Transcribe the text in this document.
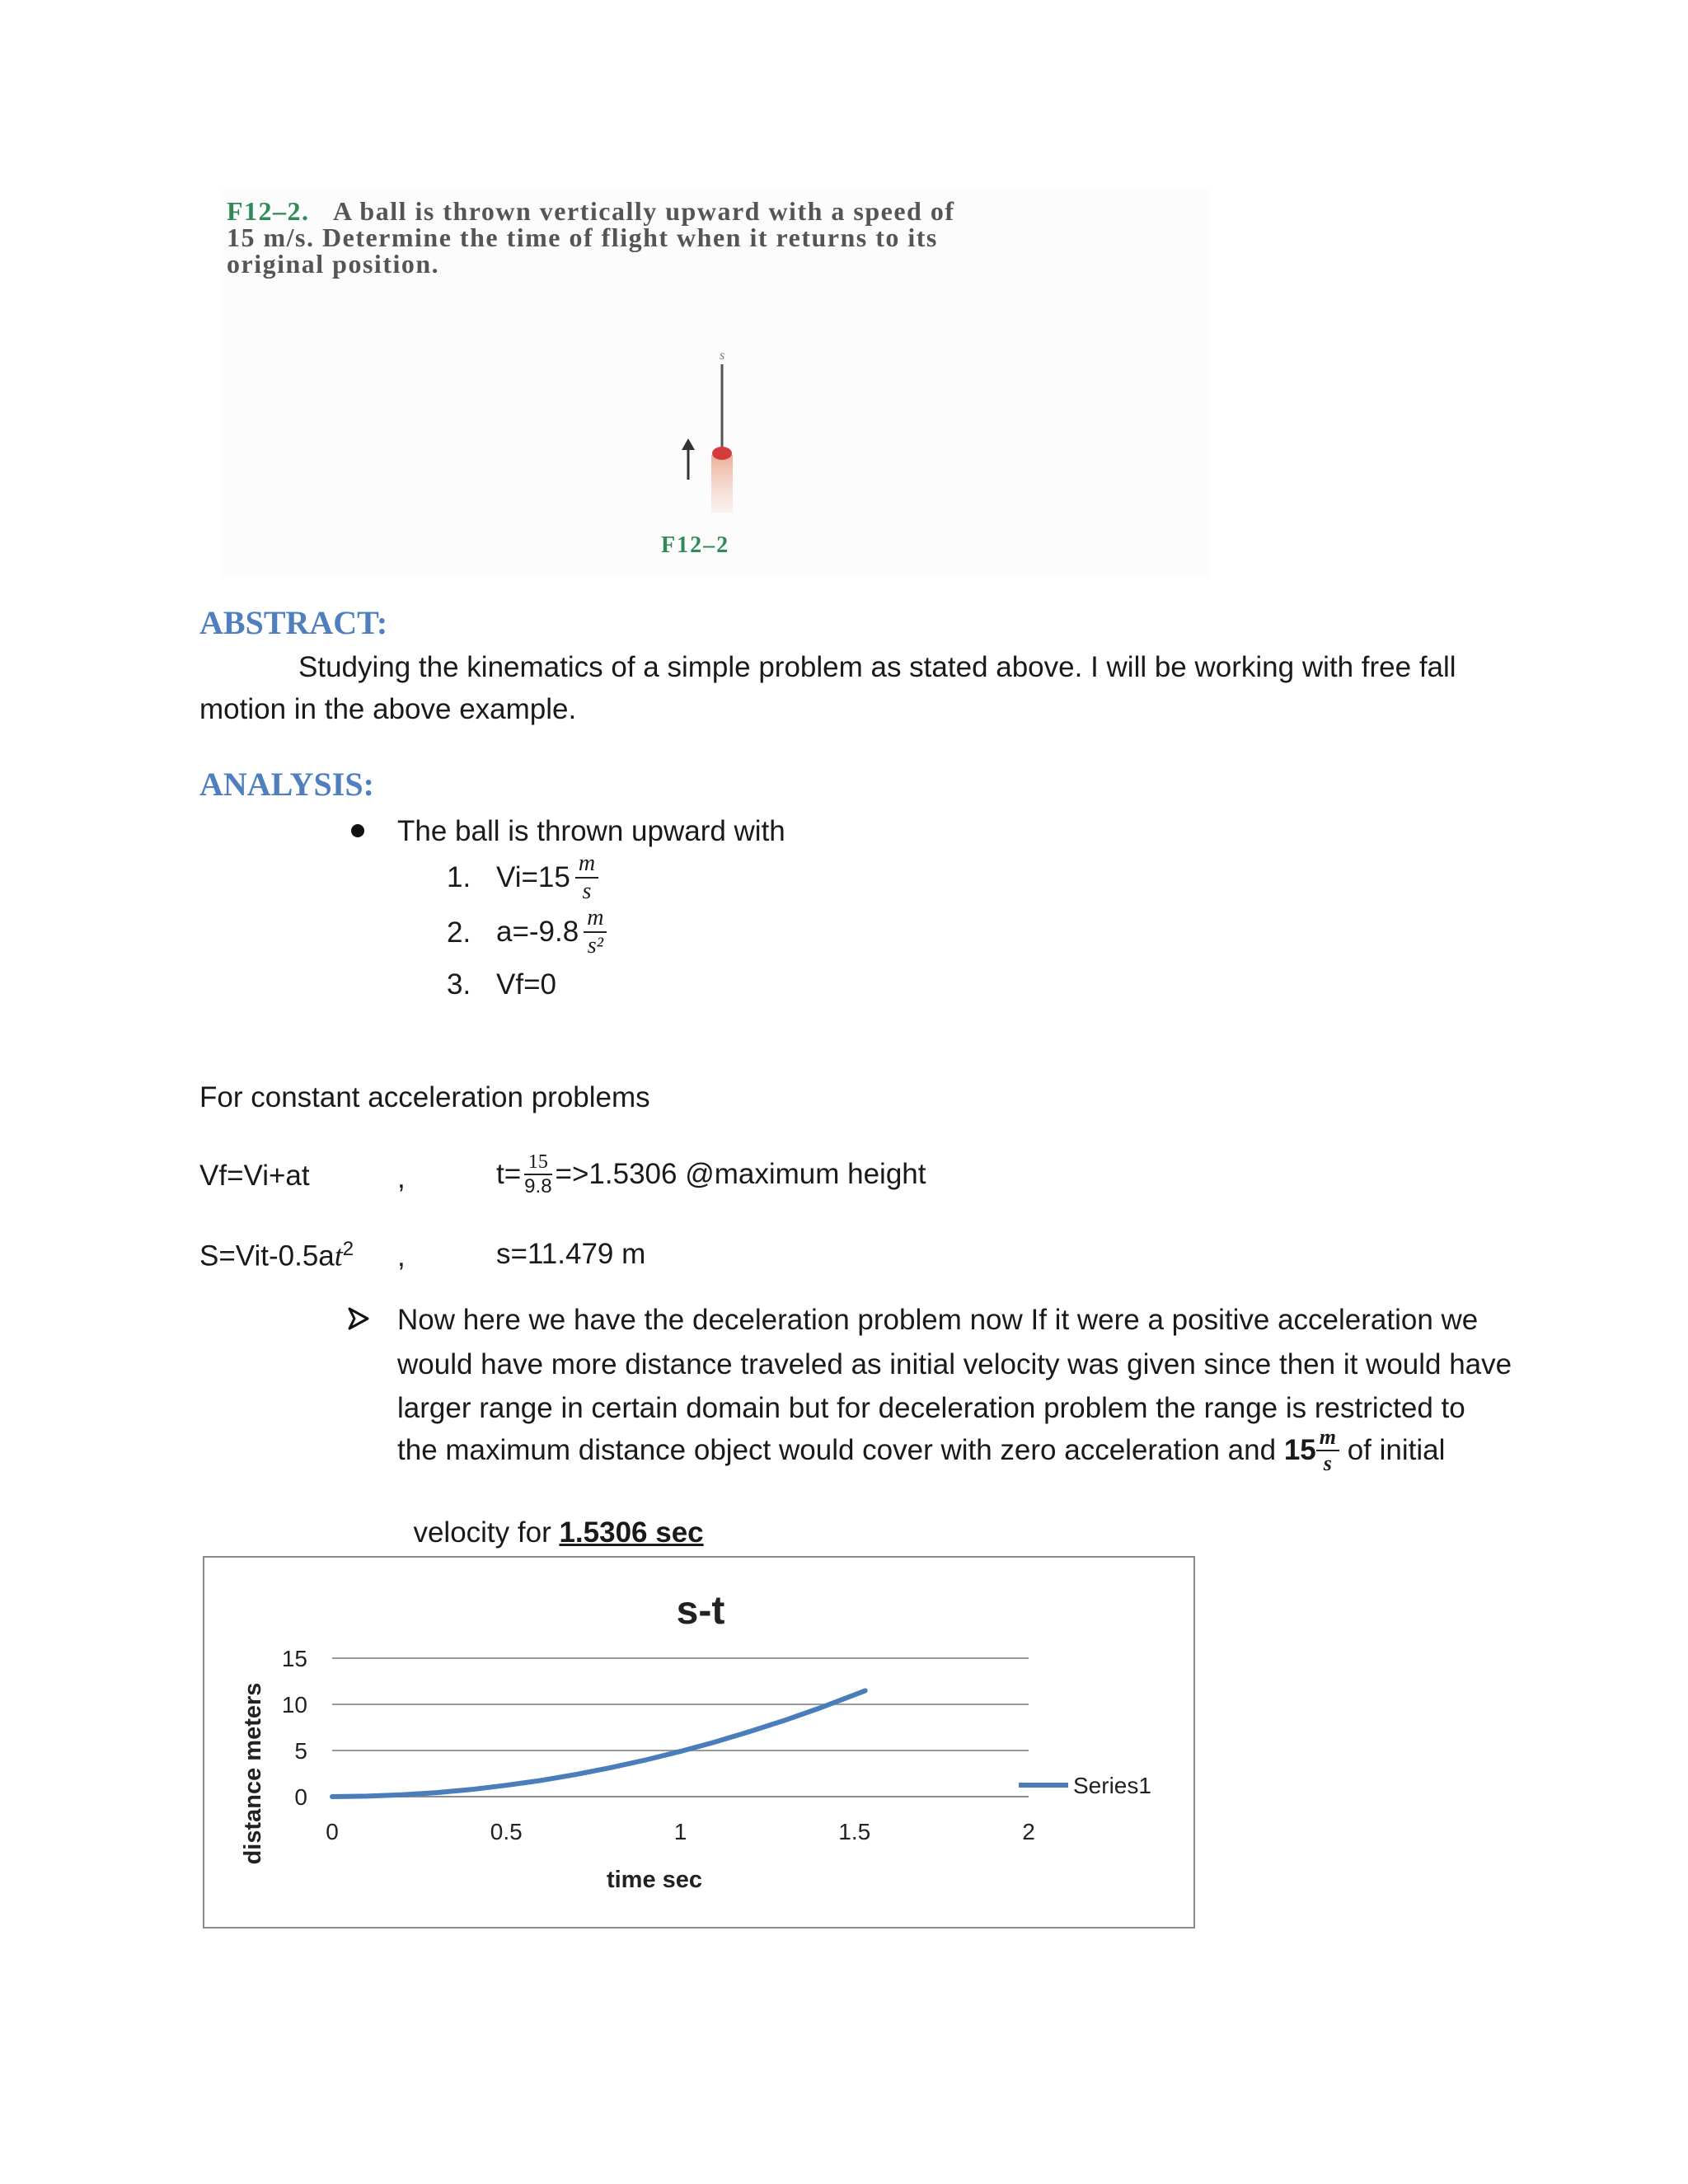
F12–2. A ball is thrown vertically upward with a speed of
15 m/s. Determine the time of flight when it returns to its
original position.
s
F12–2
ABSTRACT:
Studying the kinematics of a simple problem as stated above. I will be working with free fall
motion in the above example.
ANALYSIS:
The ball is thrown upward with
1. $Vi=15 \frac{m}{s}$
2. $a=-9.8 \frac{m}{\text{s²}}$
3. Vf=0
For constant acceleration problems
Vf=Vi+at	,	$t= \frac{15}{9.8} =>1.5306$ @maximum height
$S=Vit-0.5at^2$ ,	s=11.479 m
Now here we have the deceleration problem now If it were a positive acceleration we
would have more distance traveled as initial velocity was given since then it would have
larger range in certain domain but for deceleration problem the range is restricted to
the maximum distance object would cover with zero acceleration and $15 \frac{m}{s}$ of initial

velocity for 1.5306 sec

s-t
distance meters
time sec
0
5
10
15
0	0.5	1	1.5	2
Series1
